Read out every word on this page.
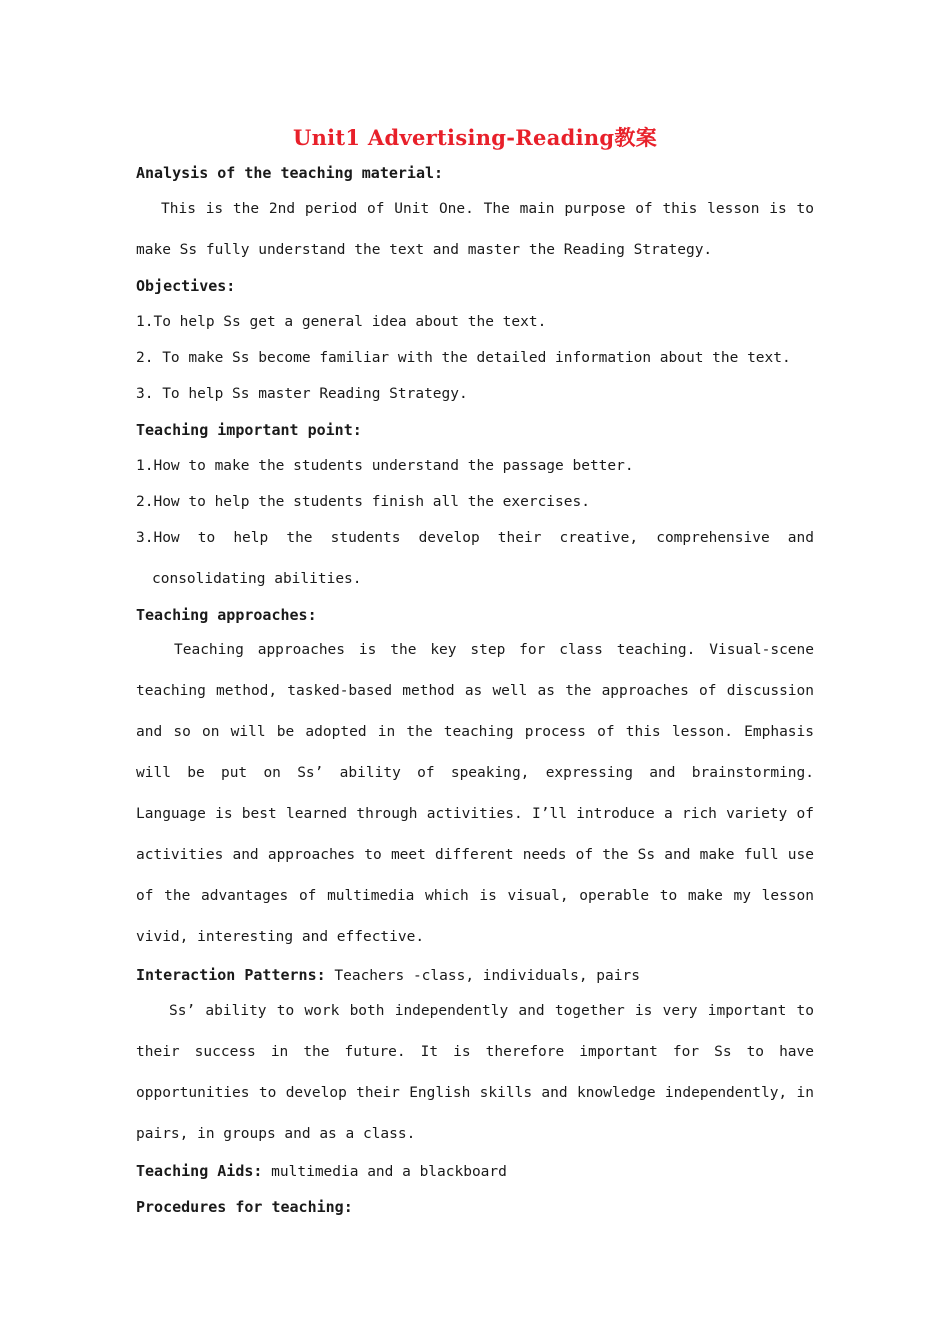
Unit1 Advertising-Reading教案
Analysis of the teaching material:
This is the 2nd period of Unit One. The main purpose of this lesson is to make Ss fully understand the text and master the Reading Strategy.
Objectives:
1.To help Ss get a general idea about the text.
2. To make Ss become familiar with the detailed information about the text.
3. To help Ss master Reading Strategy.
Teaching important point:
1.How to make the students understand the passage better.
2.How to help the students finish all the exercises.
3.How to help the students develop their creative, comprehensive and
consolidating abilities.
Teaching approaches:
Teaching approaches is the key step for class teaching. Visual-scene teaching method, tasked-based method as well as the approaches of discussion and so on will be adopted in the teaching process of this lesson. Emphasis will be put on Ss’ ability of speaking, expressing and brainstorming. Language is best learned through activities. I’ll introduce a rich variety of activities and approaches to meet different needs of the Ss and make full use of the advantages of multimedia which is visual, operable to make my lesson vivid, interesting and effective.
Interaction Patterns: Teachers -class, individuals, pairs
Ss’ ability to work both independently and together is very important to their success in the future. It is therefore important for Ss to have opportunities to develop their English skills and knowledge independently, in pairs, in groups and as a class.
Teaching Aids: multimedia and a blackboard
Procedures for teaching:
